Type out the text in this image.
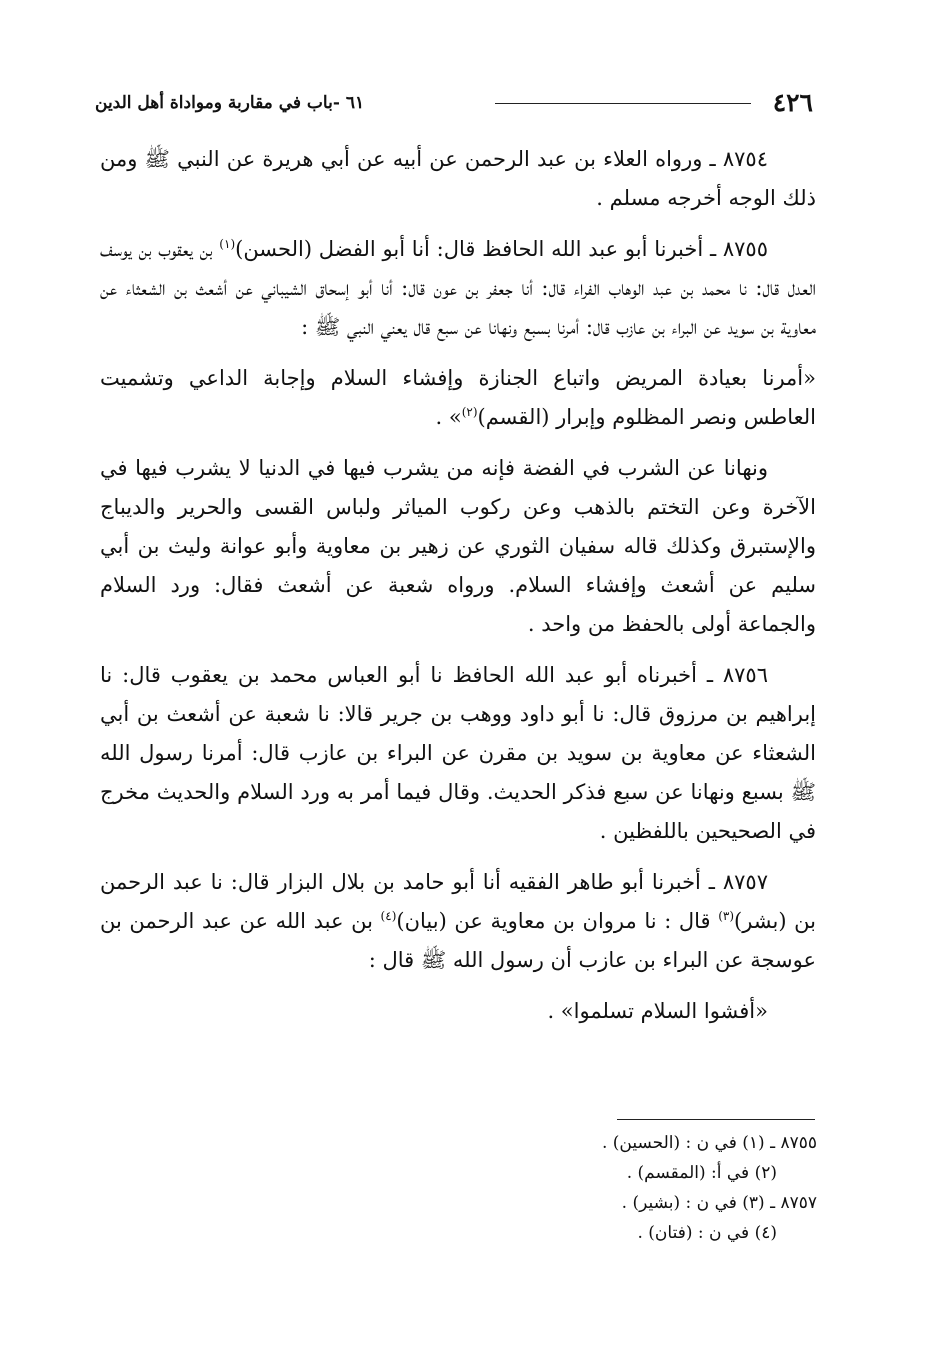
٤٢٦
٦١ -باب في مقاربة ومواداة أهل الدين

٨٧٥٤ ـ ورواه العلاء بن عبد الرحمن عن أبيه عن أبي هريرة عن النبي ﷺ ومن ذلك الوجه أخرجه مسلم .

٨٧٥٥ ـ أخبرنا أبو عبد الله الحافظ قال: أنا أبو الفضل (الحسن)$^{(١)}$ بن يعقوب بن يوسف العدل قال: نا محمد بن عبد الوهاب الفراء قال: أنا جعفر بن عون قال: أنا أبو إسحاق الشيباني عن أشعث بن الشعثاء عن معاوية بن سويد عن البراء بن عازب قال: أمرنا بسبع ونهانا عن سبع قال يعني النبي ﷺ :

«أمرنا بعيادة المريض واتباع الجنازة وإفشاء السلام وإجابة الداعي وتشميت العاطس ونصر المظلوم وإبرار (القسم)$^{(٢)}$» .

ونهانا عن الشرب في الفضة فإنه من يشرب فيها في الدنيا لا يشرب فيها في الآخرة وعن التختم بالذهب وعن ركوب المياثر ولباس القسى والحرير والديباج والإستبرق وكذلك قاله سفيان الثوري عن زهير بن معاوية وأبو عوانة وليث بن أبي سليم عن أشعث وإفشاء السلام. ورواه شعبة عن أشعث فقال: ورد السلام والجماعة أولى بالحفظ من واحد .

٨٧٥٦ ـ أخبرناه أبو عبد الله الحافظ نا أبو العباس محمد بن يعقوب قال: نا إبراهيم بن مرزوق قال: نا أبو داود ووهب بن جرير قالا: نا شعبة عن أشعث بن أبي الشعثاء عن معاوية بن سويد بن مقرن عن البراء بن عازب قال: أمرنا رسول الله ﷺ بسبع ونهانا عن سبع فذكر الحديث. وقال فيما أمر به ورد السلام والحديث مخرج في الصحيحين باللفظين .

٨٧٥٧ ـ أخبرنا أبو طاهر الفقيه أنا أبو حامد بن بلال البزار قال: نا عبد الرحمن بن (بشر)$^{(٣)}$ قال : نا مروان بن معاوية عن (بيان)$^{(٤)}$ بن عبد الله عن عبد الرحمن بن عوسجة عن البراء بن عازب أن رسول الله ﷺ قال :

«أفشوا السلام تسلموا» .

٨٧٥٥ ـ (١) في ن : (الحسين) .

(٢) في أ: (المقسم) .

٨٧٥٧ ـ (٣) في ن : (بشير) .

(٤) في ن : (فتان) .
